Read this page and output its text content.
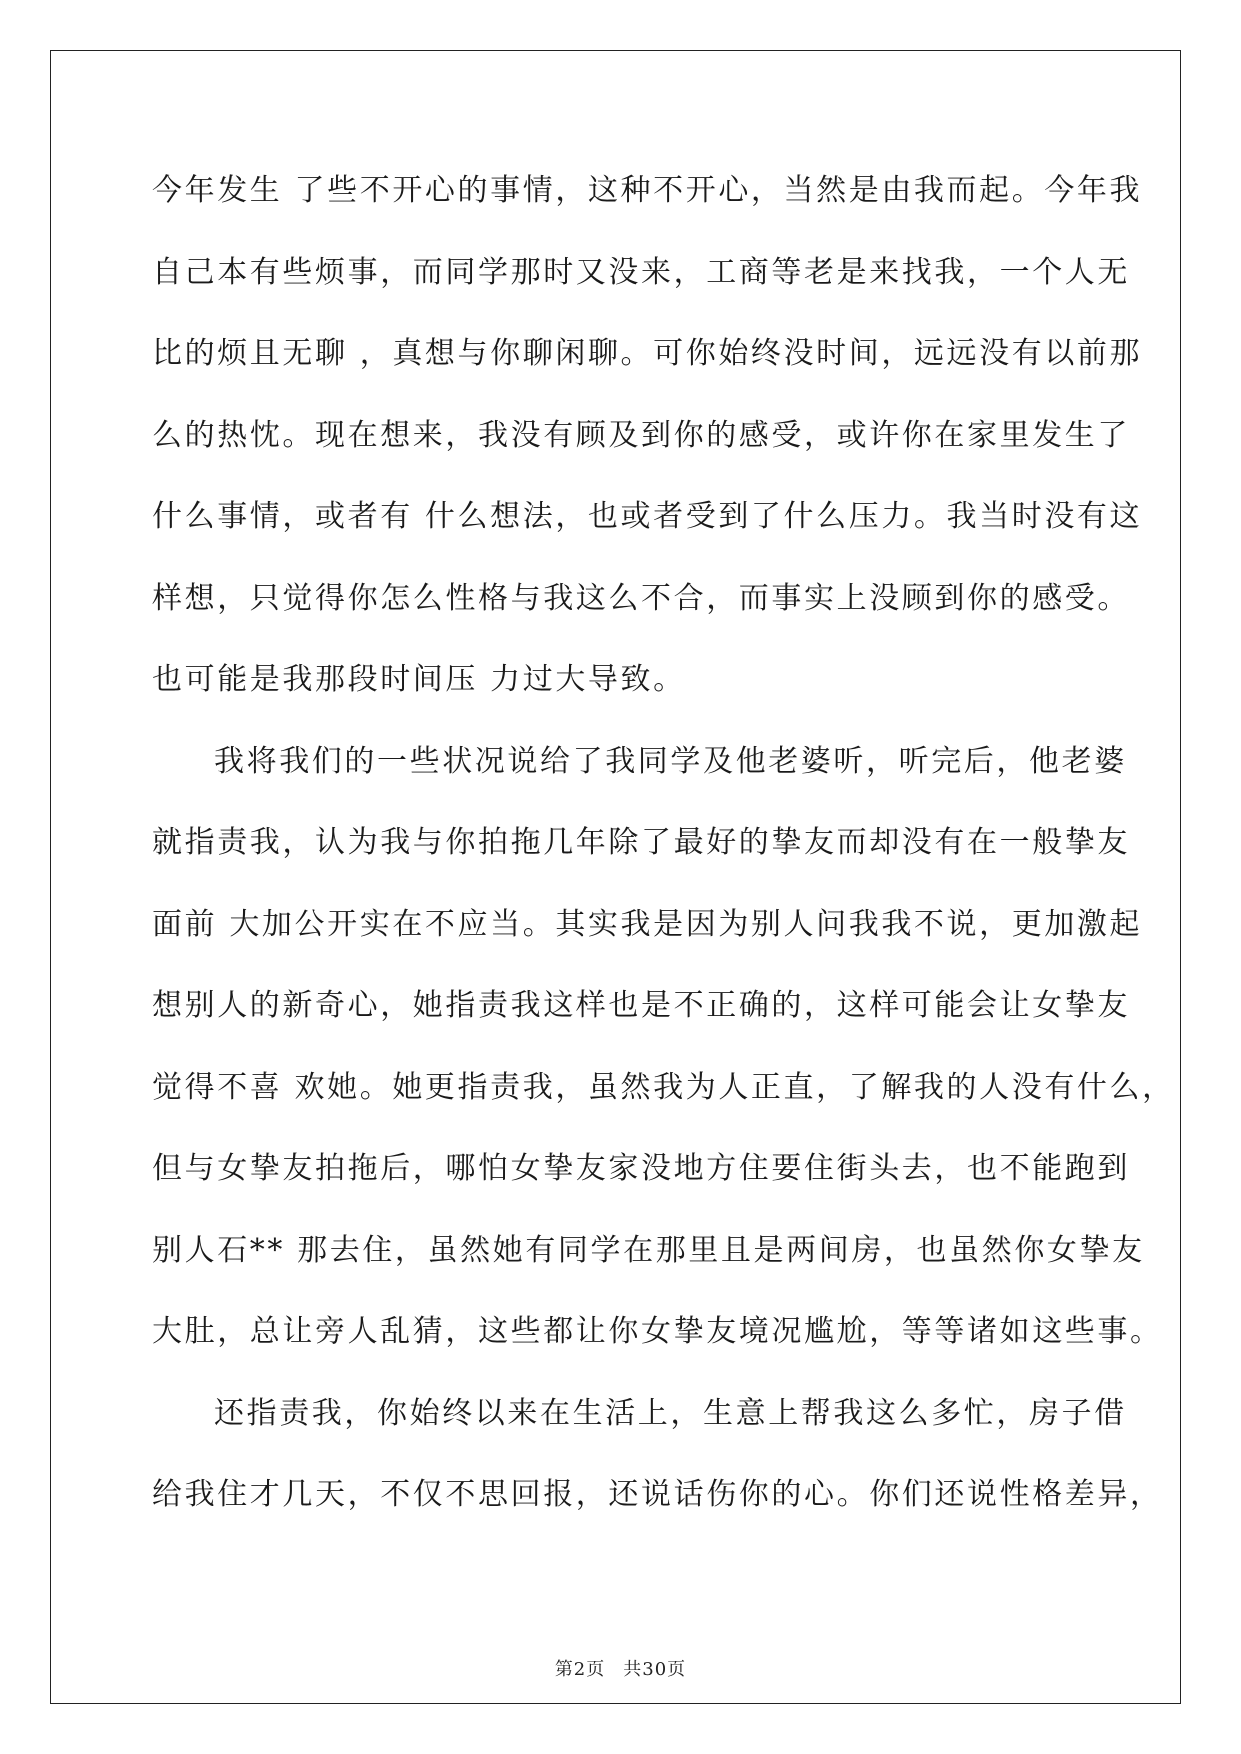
今年发生 了些不开心的事情，这种不开心，当然是由我而起。今年我
自己本有些烦事，而同学那时又没来，工商等老是来找我，一个人无
比的烦且无聊 ，真想与你聊闲聊。可你始终没时间，远远没有以前那
么的热忱。现在想来，我没有顾及到你的感受，或许你在家里发生了
什么事情，或者有 什么想法，也或者受到了什么压力。我当时没有这
样想，只觉得你怎么性格与我这么不合，而事实上没顾到你的感受。
也可能是我那段时间压 力过大导致。
我将我们的一些状况说给了我同学及他老婆听，听完后，他老婆
就指责我，认为我与你拍拖几年除了最好的挚友而却没有在一般挚友
面前 大加公开实在不应当。其实我是因为别人问我我不说，更加激起
想别人的新奇心，她指责我这样也是不正确的，这样可能会让女挚友
觉得不喜 欢她。她更指责我，虽然我为人正直，了解我的人没有什么，
但与女挚友拍拖后，哪怕女挚友家没地方住要住街头去，也不能跑到
别人石** 那去住，虽然她有同学在那里且是两间房，也虽然你女挚友
大肚，总让旁人乱猜，这些都让你女挚友境况尴尬，等等诸如这些事。
还指责我，你始终以来在生活上，生意上帮我这么多忙，房子借
给我住才几天，不仅不思回报，还说话伤你的心。你们还说性格差异，
第2页 共30页
